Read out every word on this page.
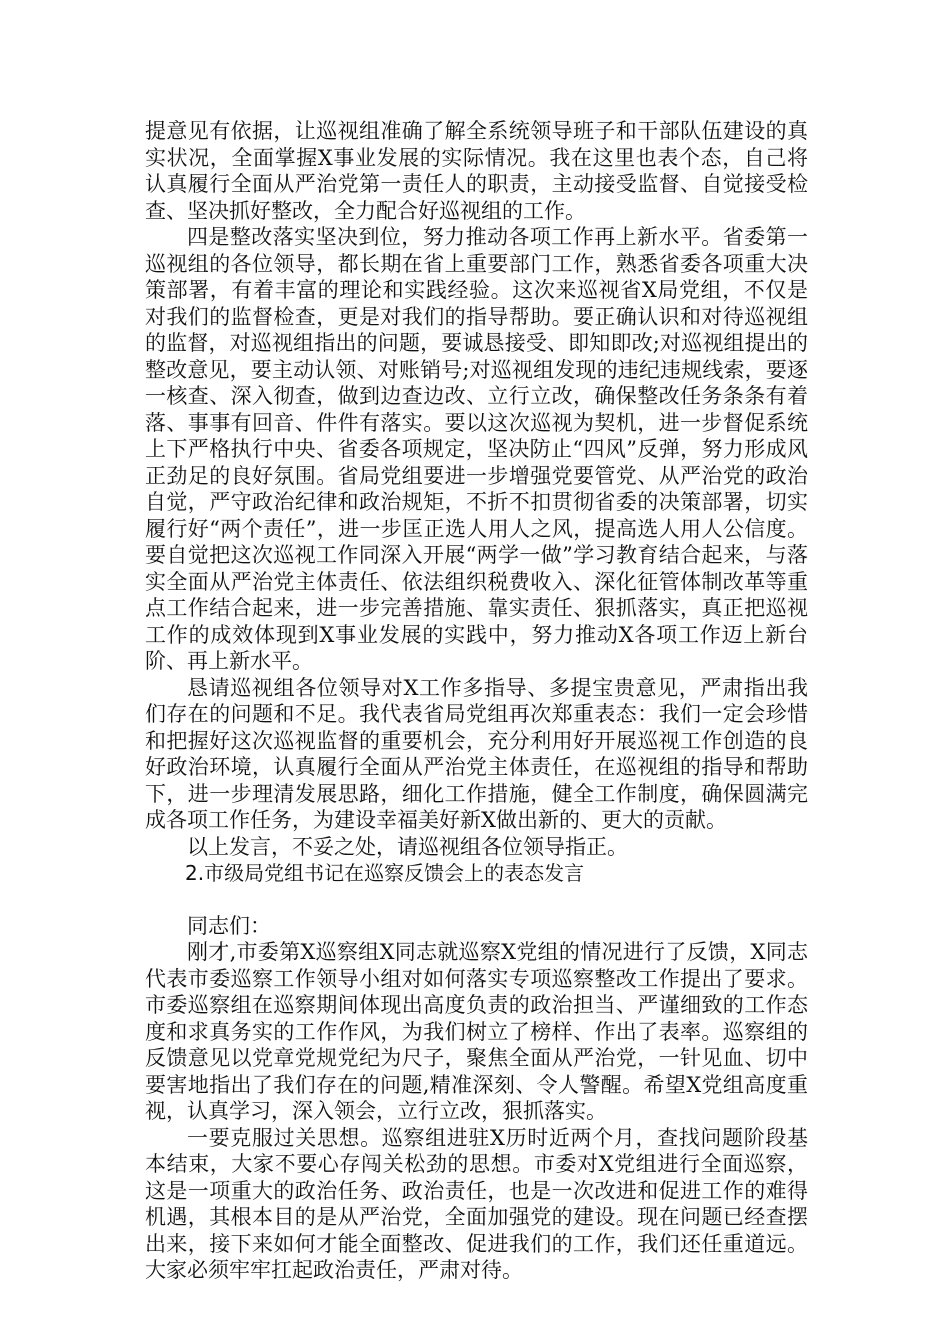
提意见有依据，让巡视组准确了解全系统领导班子和干部队伍建设的真实状况，全面掌握Ⅹ事业发展的实际情况。我在这里也表个态，自己将认真履行全面从严治党第一责任人的职责，主动接受监督、自觉接受检查、坚决抓好整改，全力配合好巡视组的工作。

四是整改落实坚决到位，努力推动各项工作再上新水平。省委第一巡视组的各位领导，都长期在省上重要部门工作，熟悉省委各项重大决策部署，有着丰富的理论和实践经验。这次来巡视省Ⅹ局党组，不仅是对我们的监督检查，更是对我们的指导帮助。要正确认识和对待巡视组的监督，对巡视组指出的问题，要诚恳接受、即知即改;对巡视组提出的整改意见，要主动认领、对账销号;对巡视组发现的违纪违规线索，要逐一核查、深入彻查，做到边查边改、立行立改，确保整改任务条条有着落、事事有回音、件件有落实。要以这次巡视为契机，进一步督促系统上下严格执行中央、省委各项规定，坚决防止“四风”反弹，努力形成风正劲足的良好氛围。省局党组要进一步增强党要管党、从严治党的政治自觉，严守政治纪律和政治规矩，不折不扣贯彻省委的决策部署，切实履行好“两个责任”，进一步匡正选人用人之风，提高选人用人公信度。要自觉把这次巡视工作同深入开展“两学一做”学习教育结合起来，与落实全面从严治党主体责任、依法组织税费收入、深化征管体制改革等重点工作结合起来，进一步完善措施、靠实责任、狠抓落实，真正把巡视工作的成效体现到Ⅹ事业发展的实践中，努力推动Ⅹ各项工作迈上新台阶、再上新水平。

恳请巡视组各位领导对Ⅹ工作多指导、多提宝贵意见，严肃指出我们存在的问题和不足。我代表省局党组再次郑重表态：我们一定会珍惜和把握好这次巡视监督的重要机会，充分利用好开展巡视工作创造的良好政治环境，认真履行全面从严治党主体责任，在巡视组的指导和帮助下，进一步理清发展思路，细化工作措施，健全工作制度，确保圆满完成各项工作任务，为建设幸福美好新Ⅹ做出新的、更大的贡献。

以上发言，不妥之处，请巡视组各位领导指正。

2.市级局党组书记在巡察反馈会上的表态发言

同志们：

刚才,市委第Ⅹ巡察组Ⅹ同志就巡察Ⅹ党组的情况进行了反馈，Ⅹ同志代表市委巡察工作领导小组对如何落实专项巡察整改工作提出了要求。市委巡察组在巡察期间体现出高度负责的政治担当、严谨细致的工作态度和求真务实的工作作风，为我们树立了榜样、作出了表率。巡察组的反馈意见以党章党规党纪为尺子，聚焦全面从严治党，一针见血、切中要害地指出了我们存在的问题,精准深刻、令人警醒。希望Ⅹ党组高度重视，认真学习，深入领会，立行立改，狠抓落实。

一要克服过关思想。巡察组进驻Ⅹ历时近两个月，查找问题阶段基本结束，大家不要心存闯关松劲的思想。市委对Ⅹ党组进行全面巡察，这是一项重大的政治任务、政治责任，也是一次改进和促进工作的难得机遇，其根本目的是从严治党，全面加强党的建设。现在问题已经查摆出来，接下来如何才能全面整改、促进我们的工作，我们还任重道远。大家必须牢牢扛起政治责任，严肃对待。
